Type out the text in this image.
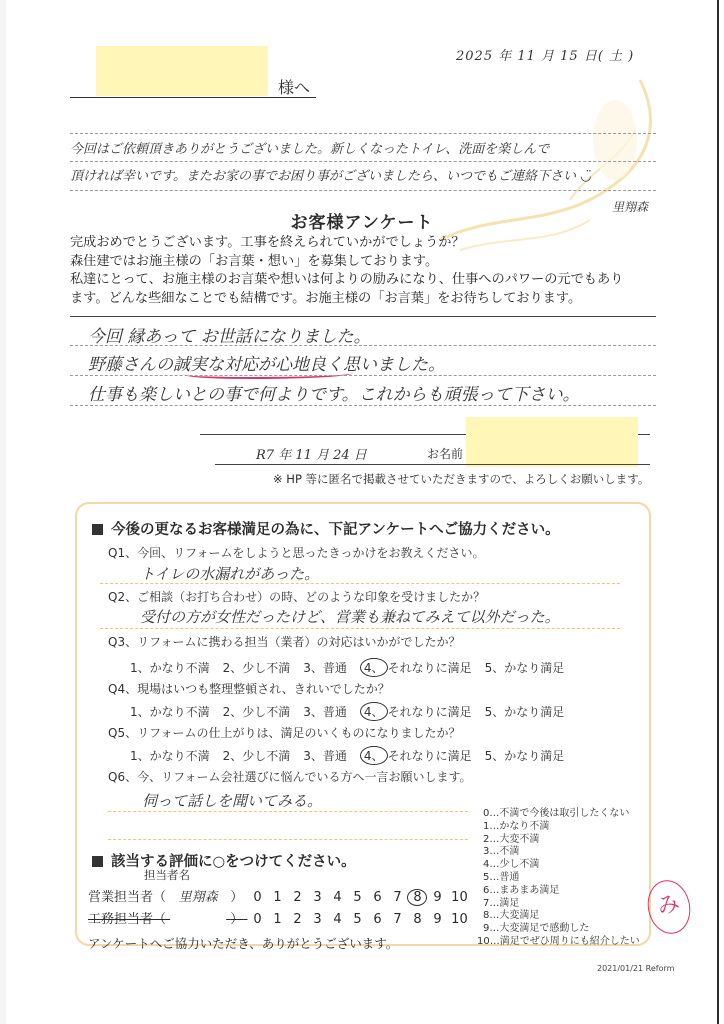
様へ
2025 年 11 月 15 日( 土 )
今回はご依頼頂きありがとうございました。新しくなったトイレ、洗面を楽しんで
頂ければ幸いです。またお家の事でお困り事がございましたら、いつでもご連絡下さい ◡̈
里翔森
お客様アンケート
完成おめでとうございます。工事を終えられていかがでしょうか？
森住建ではお施主様の「お言葉・想い」を募集しております。
私達にとって、お施主様のお言葉や想いは何よりの励みになり、仕事へのパワーの元でもあり
ます。どんな些細なことでも結構です。お施主様の「お言葉」をお待ちしております。
今回 縁あって お世話になりました。
野藤さんの誠実な対応が心地良く思いました。
仕事も楽しいとの事で何よりです。これからも頑張って下さい。
R7 年 11 月 24 日	お名前
※ HP 等に匿名で掲載させていただきますので、よろしくお願いします。
今後の更なるお客様満足の為に、下記アンケートへご協力ください。
Q1、今回、リフォームをしようと思ったきっかけをお教えください。
トイレの水漏れがあった。
Q2、ご相談（お打ち合わせ）の時、どのような印象を受けましたか？
受付の方が女性だったけど、営業も兼ねてみえて以外だった。
Q3、リフォームに携わる担当（業者）の対応はいかがでしたか？
1、かなり不満 2、少し不満 3、普通 4、 それなりに満足 5、かなり満足
Q4、現場はいつも整理整頓され、きれいでしたか？
1、かなり不満 2、少し不満 3、普通 4、 それなりに満足 5、かなり満足
Q5、リフォームの仕上がりは、満足のいくものになりましたか？
1、かなり不満 2、少し不満 3、普通 4、 それなりに満足 5、かなり満足
Q6、今、リフォーム会社選びに悩んでいる方へ一言お願いします。
伺って話しを聞いてみる。
該当する評価に○をつけてください。
0…不満で今後は取引したくない
1…かなり不満
2…大変不満
3…不満
4…少し不満
5…普通
6…まあまあ満足
7…満足
8…大変満足
9…大変満足で感動した
10…満足でぜひ周りにも紹介したい
担当者名
営業担当者（ 里翔森 ） 0 1 2 3 4 5 6 7 8 9 10
工務担当者（	） 0 1 2 3 4 5 6 7 8 9 10
アンケートへご協力いただき、ありがとうございます。
み
2021/01/21 Reform
